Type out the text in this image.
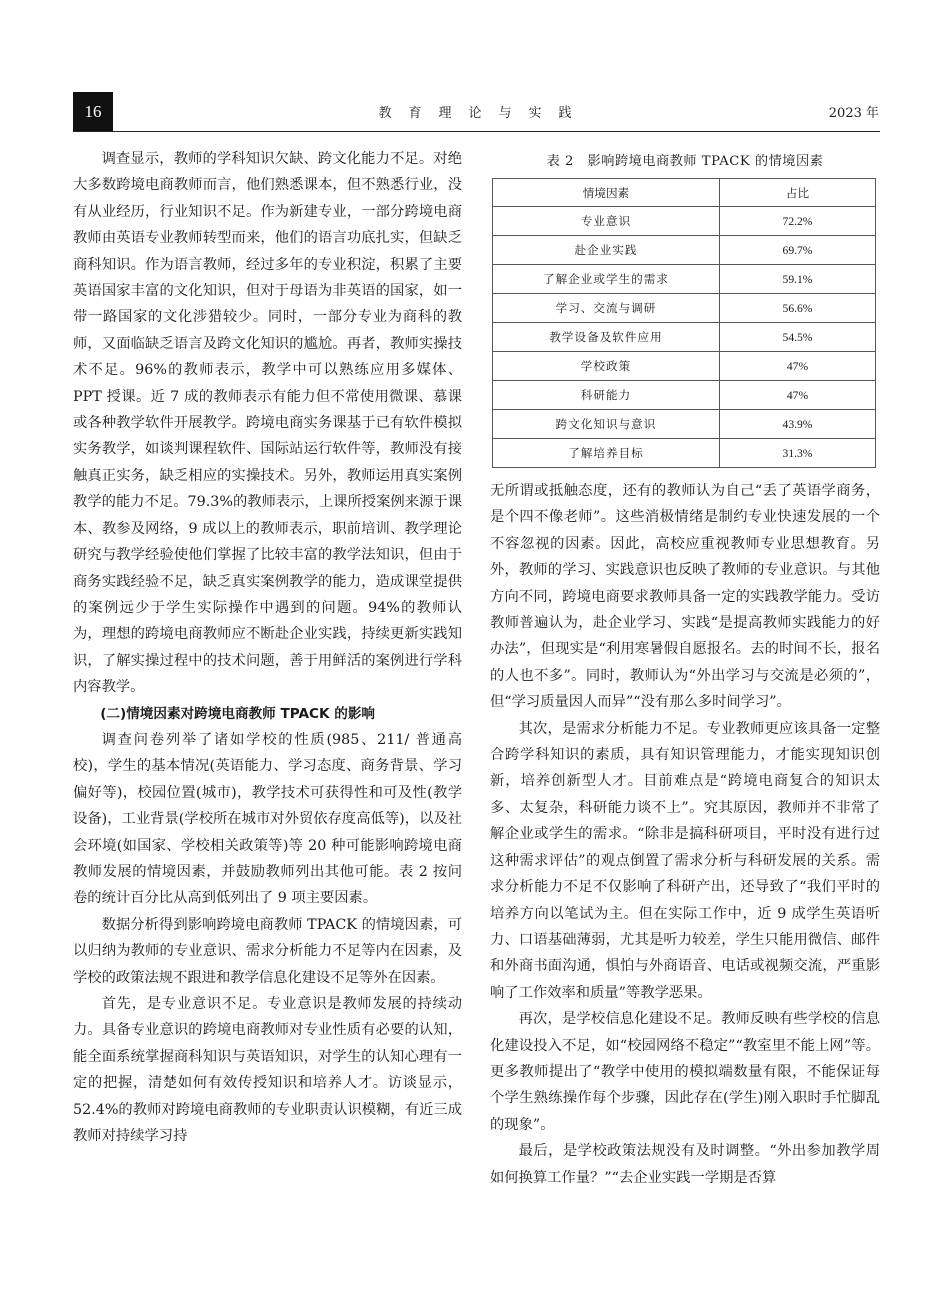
16	教育理论与实践	2023 年

调查显示，教师的学科知识欠缺、跨文化能力不足。对绝大多数跨境电商教师而言，他们熟悉课本，但不熟悉行业，没有从业经历，行业知识不足。作为新建专业，一部分跨境电商教师由英语专业教师转型而来，他们的语言功底扎实，但缺乏商科知识。作为语言教师，经过多年的专业积淀，积累了主要英语国家丰富的文化知识，但对于母语为非英语的国家，如一带一路国家的文化涉猎较少。同时，一部分专业为商科的教师，又面临缺乏语言及跨文化知识的尴尬。再者，教师实操技术不足。96%的教师表示，教学中可以熟练应用多媒体、PPT 授课。近 7 成的教师表示有能力但不常使用微课、慕课或各种教学软件开展教学。跨境电商实务课基于已有软件模拟实务教学，如谈判课程软件、国际站运行软件等，教师没有接触真正实务，缺乏相应的实操技术。另外，教师运用真实案例教学的能力不足。79.3%的教师表示，上课所授案例来源于课本、教参及网络，9 成以上的教师表示，职前培训、教学理论研究与教学经验使他们掌握了比较丰富的教学法知识，但由于商务实践经验不足，缺乏真实案例教学的能力，造成课堂提供的案例远少于学生实际操作中遇到的问题。94%的教师认为，理想的跨境电商教师应不断赴企业实践，持续更新实践知识，了解实操过程中的技术问题，善于用鲜活的案例进行学科内容教学。

(二)情境因素对跨境电商教师 TPACK 的影响

调查问卷列举了诸如学校的性质(985、211/ 普通高校)，学生的基本情况(英语能力、学习态度、商务背景、学习偏好等)，校园位置(城市)，教学技术可获得性和可及性(教学设备)，工业背景(学校所在城市对外贸依存度高低等)，以及社会环境(如国家、学校相关政策等)等 20 种可能影响跨境电商教师发展的情境因素，并鼓励教师列出其他可能。表 2 按问卷的统计百分比从高到低列出了 9 项主要因素。

数据分析得到影响跨境电商教师 TPACK 的情境因素，可以归纳为教师的专业意识、需求分析能力不足等内在因素，及学校的政策法规不跟进和教学信息化建设不足等外在因素。

首先，是专业意识不足。专业意识是教师发展的持续动力。具备专业意识的跨境电商教师对专业性质有必要的认知，能全面系统掌握商科知识与英语知识，对学生的认知心理有一定的把握，清楚如何有效传授知识和培养人才。访谈显示，52.4%的教师对跨境电商教师的专业职责认识模糊，有近三成教师对持续学习持

表 2　影响跨境电商教师 TPACK 的情境因素
情境因素	占比
专业意识	72.2%
赴企业实践	69.7%
了解企业或学生的需求	59.1%
学习、交流与调研	56.6%
教学设备及软件应用	54.5%
学校政策	47%
科研能力	47%
跨文化知识与意识	43.9%
了解培养目标	31.3%

无所谓或抵触态度，还有的教师认为自己“丢了英语学商务，是个四不像老师”。这些消极情绪是制约专业快速发展的一个不容忽视的因素。因此，高校应重视教师专业思想教育。另外，教师的学习、实践意识也反映了教师的专业意识。与其他方向不同，跨境电商要求教师具备一定的实践教学能力。受访教师普遍认为，赴企业学习、实践“是提高教师实践能力的好办法”，但现实是“利用寒暑假自愿报名。去的时间不长，报名的人也不多”。同时，教师认为“外出学习与交流是必须的”，但“学习质量因人而异”“没有那么多时间学习”。

其次，是需求分析能力不足。专业教师更应该具备一定整合跨学科知识的素质，具有知识管理能力，才能实现知识创新，培养创新型人才。目前难点是“跨境电商复合的知识太多、太复杂，科研能力谈不上”。究其原因，教师并不非常了解企业或学生的需求。“除非是搞科研项目，平时没有进行过这种需求评估”的观点倒置了需求分析与科研发展的关系。需求分析能力不足不仅影响了科研产出，还导致了“我们平时的培养方向以笔试为主。但在实际工作中，近 9 成学生英语听力、口语基础薄弱，尤其是听力较差，学生只能用微信、邮件和外商书面沟通，惧怕与外商语音、电话或视频交流，严重影响了工作效率和质量”等教学恶果。

再次，是学校信息化建设不足。教师反映有些学校的信息化建设投入不足，如“校园网络不稳定”“教室里不能上网”等。更多教师提出了“教学中使用的模拟端数量有限，不能保证每个学生熟练操作每个步骤，因此存在(学生)刚入职时手忙脚乱的现象”。

最后，是学校政策法规没有及时调整。“外出参加教学周如何换算工作量？”“去企业实践一学期是否算
